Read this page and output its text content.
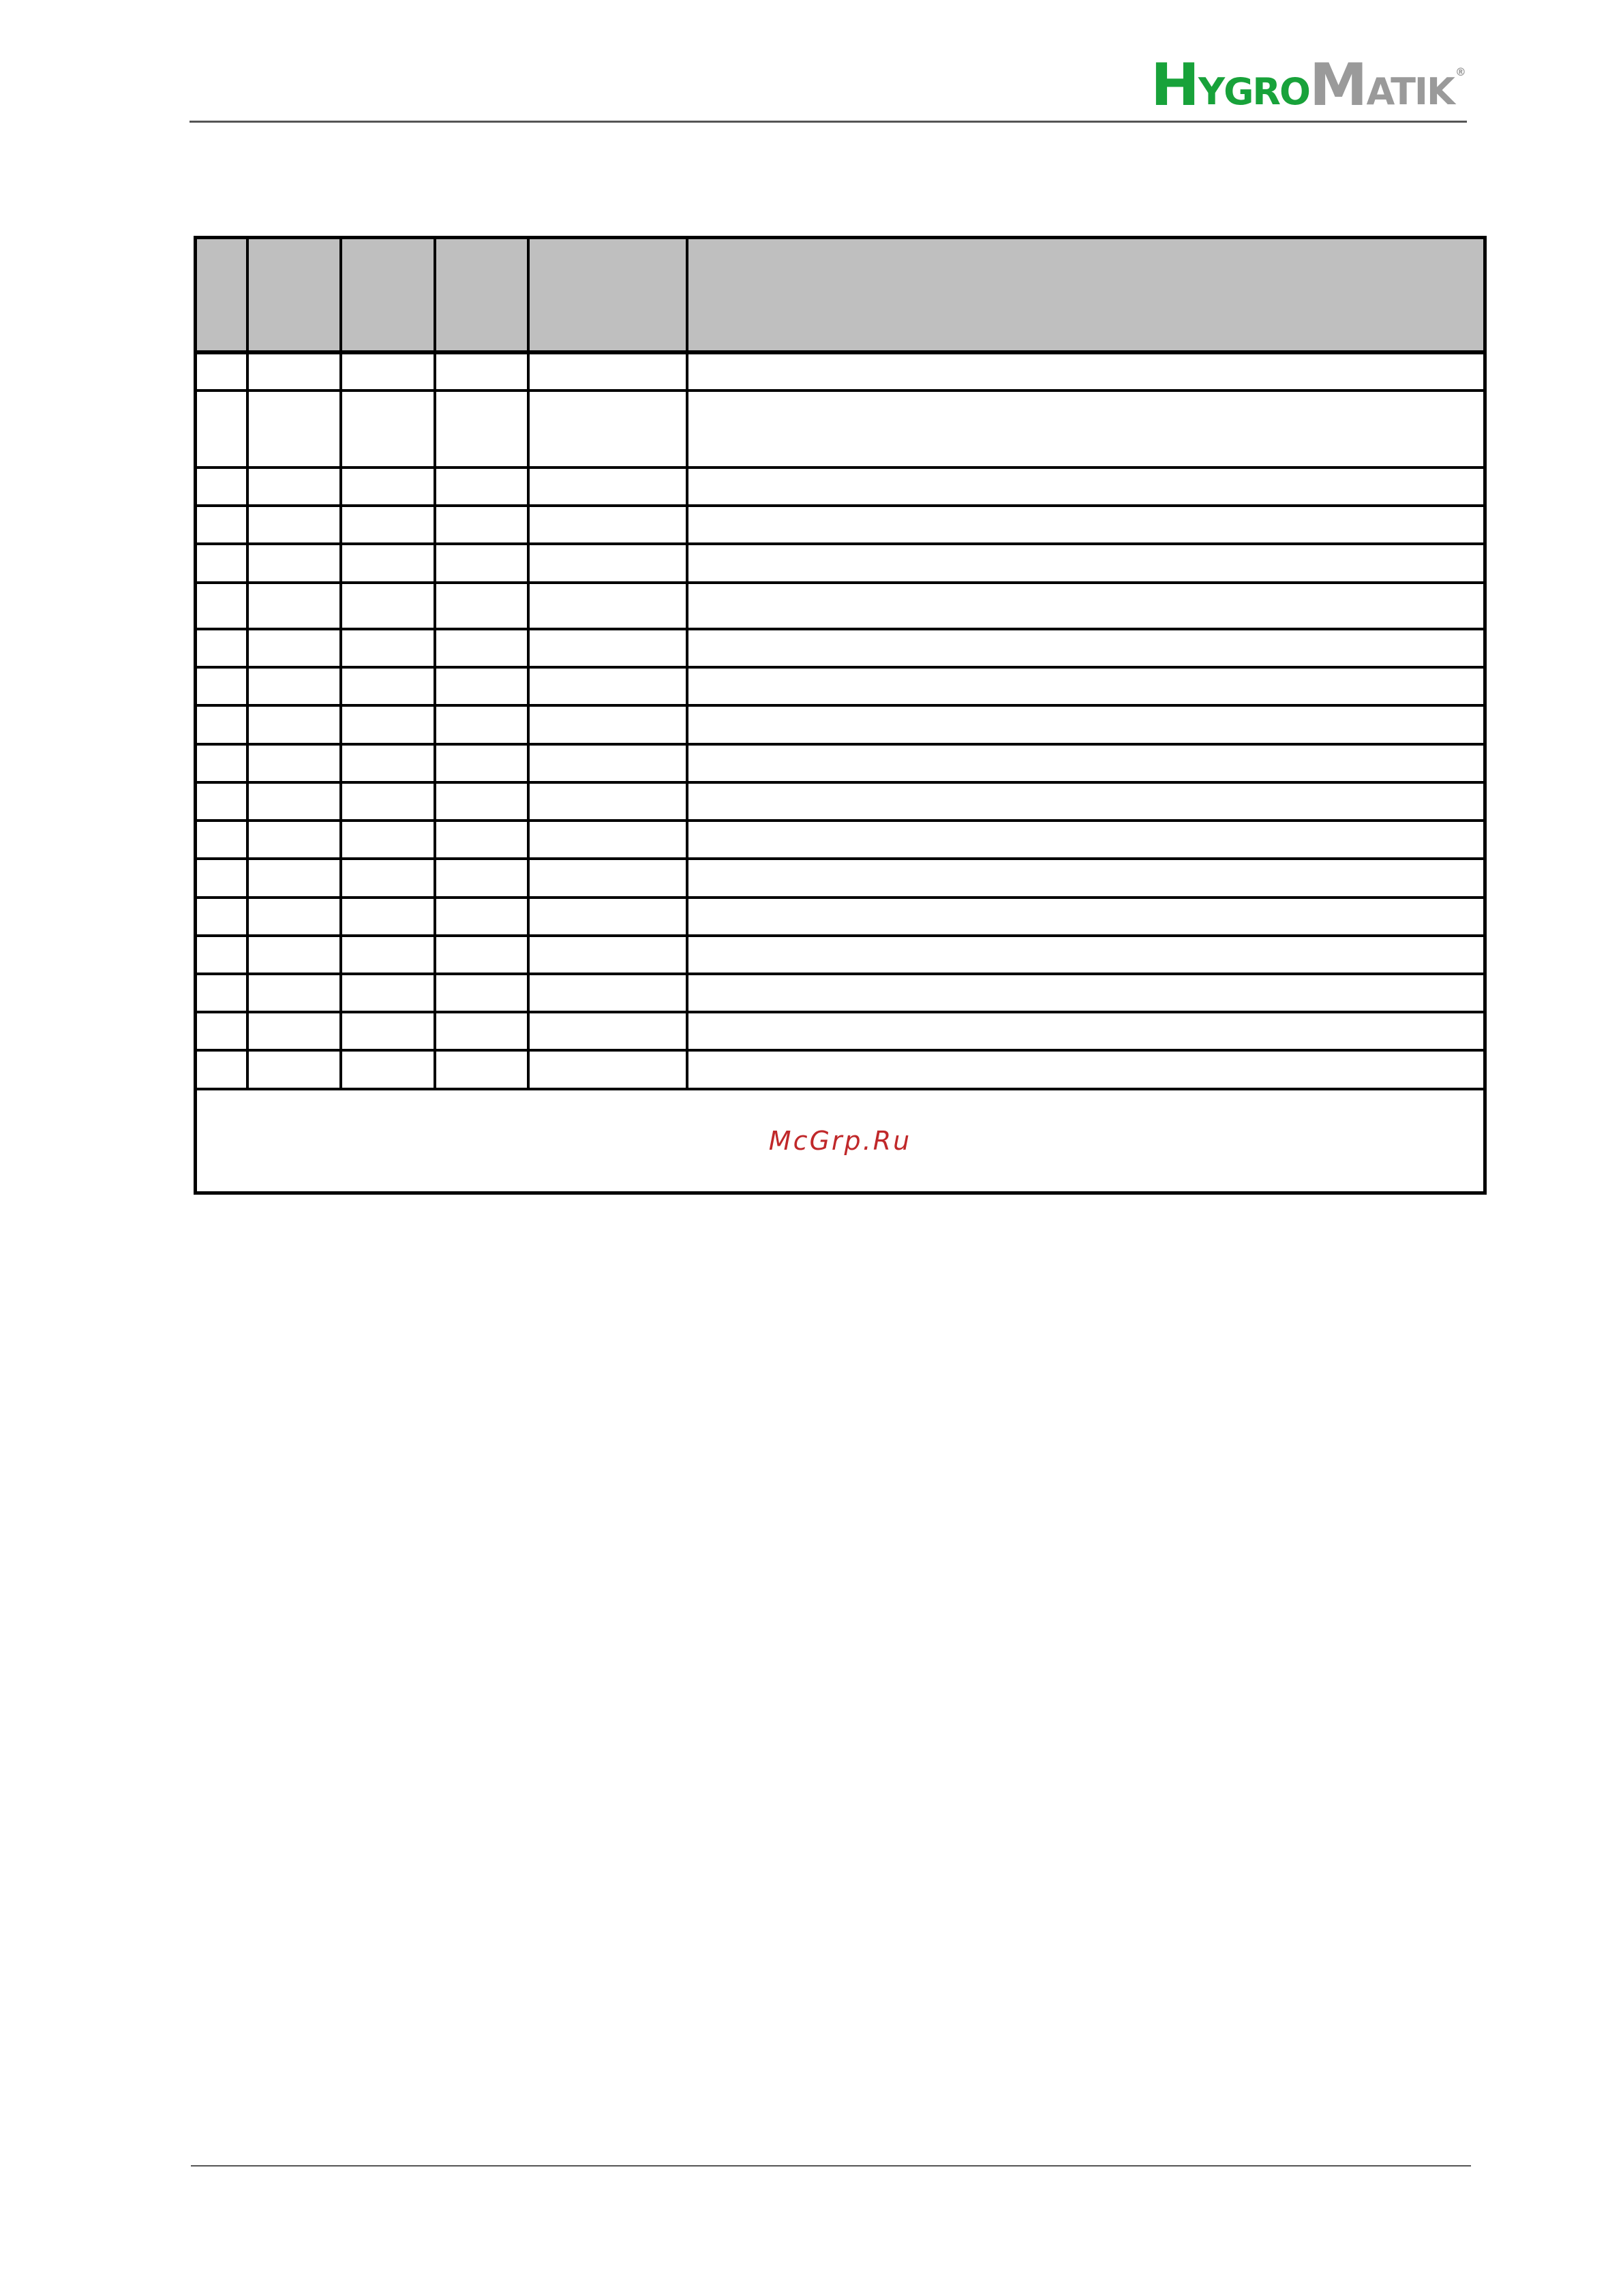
H YGRO M ATIK ®

McGrp.Ru					
